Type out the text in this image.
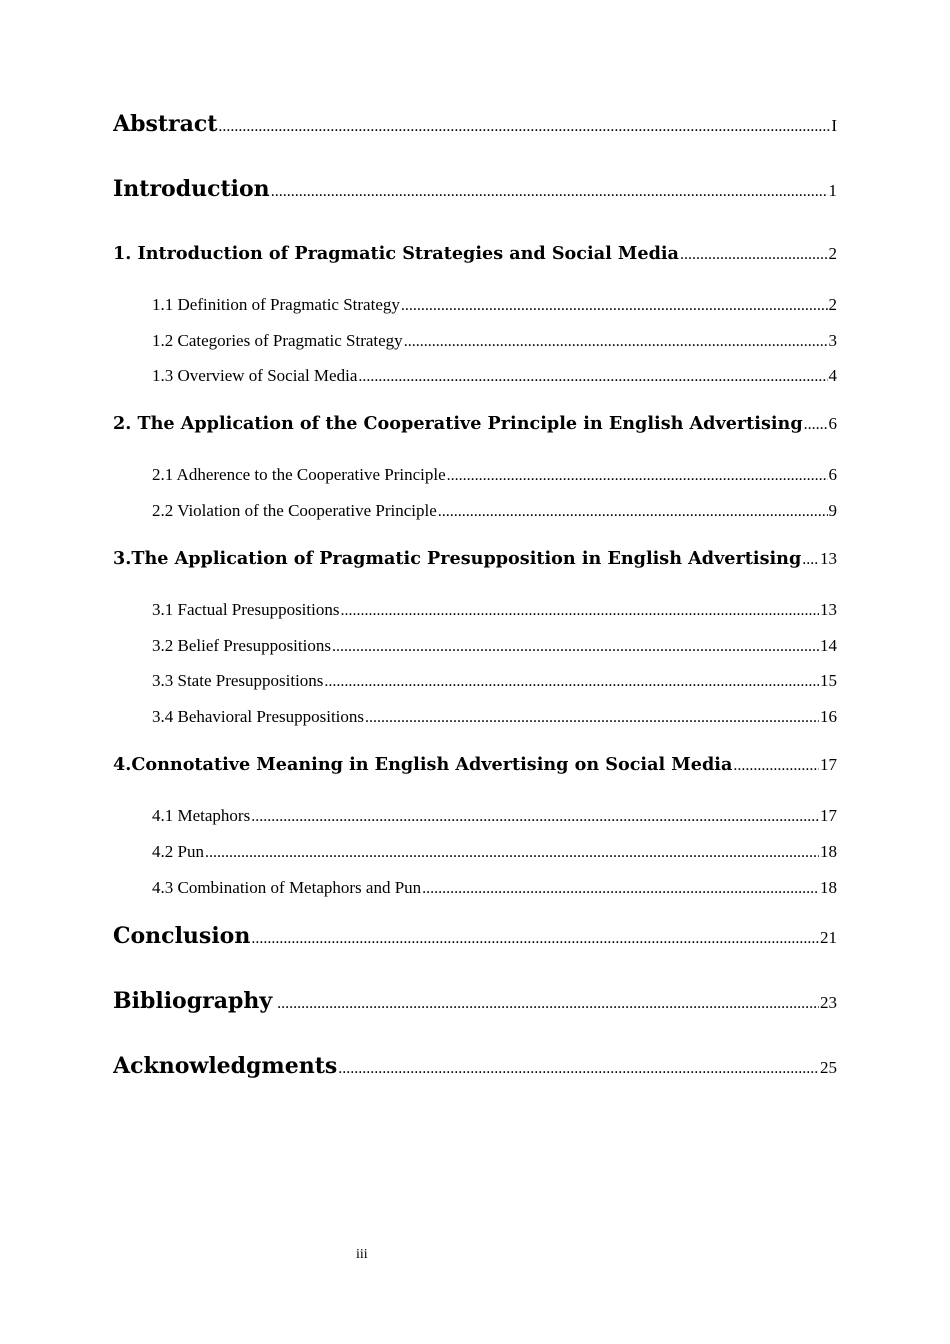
Abstract .....	I
Introduction .....	1
1. Introduction of Pragmatic Strategies and Social Media .....	2
1.1 Definition of Pragmatic Strategy .....	2
1.2 Categories of Pragmatic Strategy .....	3
1.3 Overview of Social Media .....	4
2. The Application of the Cooperative Principle in English Advertising ..... 6
2.1 Adherence to the Cooperative Principle .....	6
2.2 Violation of the Cooperative Principle .....	9
3.The Application of Pragmatic Presupposition in English Advertising ..... 13
3.1 Factual Presuppositions .....	13
3.2 Belief Presuppositions .....	14
3.3 State Presuppositions .....	15
3.4 Behavioral Presuppositions .....	16
4.Connotative Meaning in English Advertising on Social Media .....	17
4.1 Metaphors .....	17
4.2 Pun .....	18
4.3 Combination of Metaphors and Pun .....	18
Conclusion .....	21
Bibliography .....	23
Acknowledgments .....	25
iii
